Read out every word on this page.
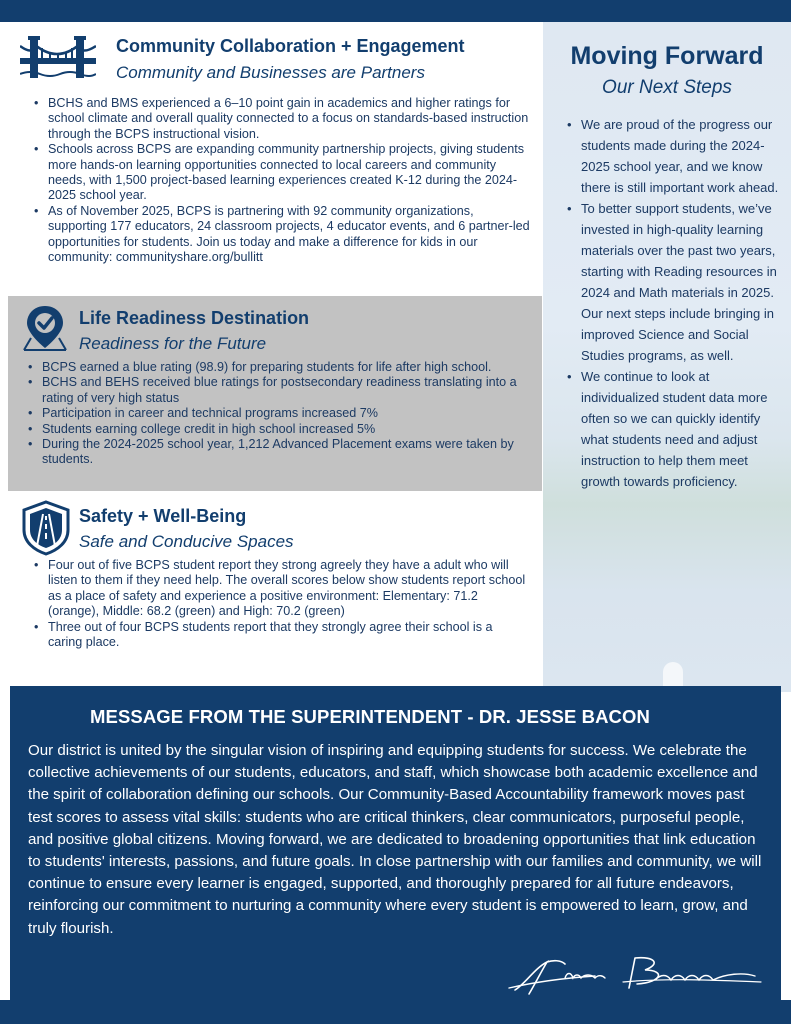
Community Collaboration + Engagement
Community and Businesses are Partners
• BCHS and BMS experienced a 6–10 point gain in academics and higher ratings for school climate and overall quality connected to a focus on standards-based instruction through the BCPS instructional vision.
• Schools across BCPS are expanding community partnership projects, giving students more hands-on learning opportunities connected to local careers and community needs, with 1,500 project-based learning experiences created K-12 during the 2024-2025 school year.
• As of November 2025, BCPS is partnering with 92 community organizations, supporting 177 educators, 24 classroom projects, 4 educator events, and 6 partner-led opportunities for students. Join us today and make a difference for kids in our community: communityshare.org/bullitt
Life Readiness Destination
Readiness for the Future
• BCPS earned a blue rating (98.9) for preparing students for life after high school.
• BCHS and BEHS received blue ratings for postsecondary readiness translating into a rating of very high status
• Participation in career and technical programs increased 7%
• Students earning college credit in high school increased 5%
• During the 2024-2025 school year, 1,212 Advanced Placement exams were taken by students.
Safety + Well-Being
Safe and Conducive Spaces
• Four out of five BCPS student report they strong agreely they have a adult who will listen to them if they need help. The overall scores below show students report school as a place of safety and experience a positive environment: Elementary: 71.2 (orange), Middle: 68.2 (green) and High: 70.2 (green)
• Three out of four BCPS students report that they strongly agree their school is a caring place.
Moving Forward
Our Next Steps
• We are proud of the progress our students made during the 2024-2025 school year, and we know there is still important work ahead.
• To better support students, we’ve invested in high-quality learning materials over the past two years, starting with Reading resources in 2024 and Math materials in 2025. Our next steps include bringing in improved Science and Social Studies programs, as well.
• We continue to look at individualized student data more often so we can quickly identify what students need and adjust instruction to help them meet growth towards proficiency.
MESSAGE FROM THE SUPERINTENDENT - DR. JESSE BACON
Our district is united by the singular vision of inspiring and equipping students for success. We celebrate the collective achievements of our students, educators, and staff, which showcase both academic excellence and the spirit of collaboration defining our schools. Our Community-Based Accountability framework moves past test scores to assess vital skills: students who are critical thinkers, clear communicators, purposeful people, and positive global citizens. Moving forward, we are dedicated to broadening opportunities that link education to students' interests, passions, and future goals. In close partnership with our families and community, we will continue to ensure every learner is engaged, supported, and thoroughly prepared for all future endeavors, reinforcing our commitment to nurturing a community where every student is empowered to learn, grow, and truly flourish.
